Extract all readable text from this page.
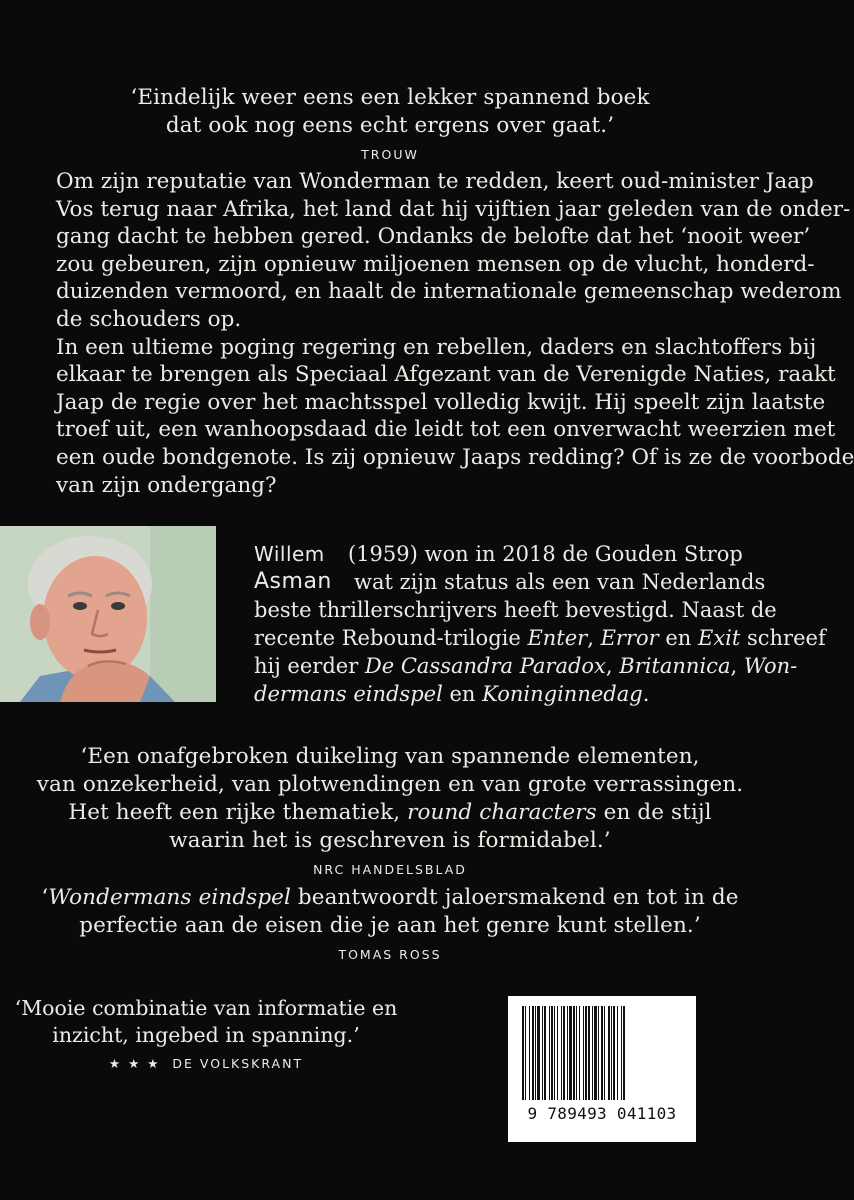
‘Eindelijk weer eens een lekker spannend boek
dat ook nog eens echt ergens over gaat.’
TROUW
Om zijn reputatie van Wonderman te redden, keert oud-minister Jaap
Vos terug naar Afrika, het land dat hij vijftien jaar geleden van de onder-
gang dacht te hebben gered. Ondanks de belofte dat het ‘nooit weer’
zou gebeuren, zijn opnieuw miljoenen mensen op de vlucht, honderd-
duizenden vermoord, en haalt de internationale gemeenschap wederom
de schouders op.
In een ultieme poging regering en rebellen, daders en slachtoffers bij
elkaar te brengen als Speciaal Afgezant van de Verenigde Naties, raakt
Jaap de regie over het machtsspel volledig kwijt. Hij speelt zijn laatste
troef uit, een wanhoopsdaad die leidt tot een onverwacht weerzien met
een oude bondgenote. Is zij opnieuw Jaaps redding? Of is ze de voorbode
van zijn ondergang?
Willem
Asman
(1959) won in 2018 de Gouden Strop
wat zijn status als een van Nederlands
beste thrillerschrijvers heeft bevestigd. Naast de
recente Rebound-trilogie Enter, Error en Exit schreef
hij eerder De Cassandra Paradox, Britannica, Won-
dermans eindspel en Koninginnedag.
‘Een onafgebroken duikeling van spannende elementen,
van onzekerheid, van plotwendingen en van grote verrassingen.
Het heeft een rijke thematiek, round characters en de stijl
waarin het is geschreven is formidabel.’
NRC HANDELSBLAD
‘Wondermans eindspel beantwoordt jaloersmakend en tot in de
perfectie aan de eisen die je aan het genre kunt stellen.’
TOMAS ROSS
‘Mooie combinatie van informatie en
inzicht, ingebed in spanning.’
★ ★ ★ DE VOLKSKRANT
9 789493 041103
